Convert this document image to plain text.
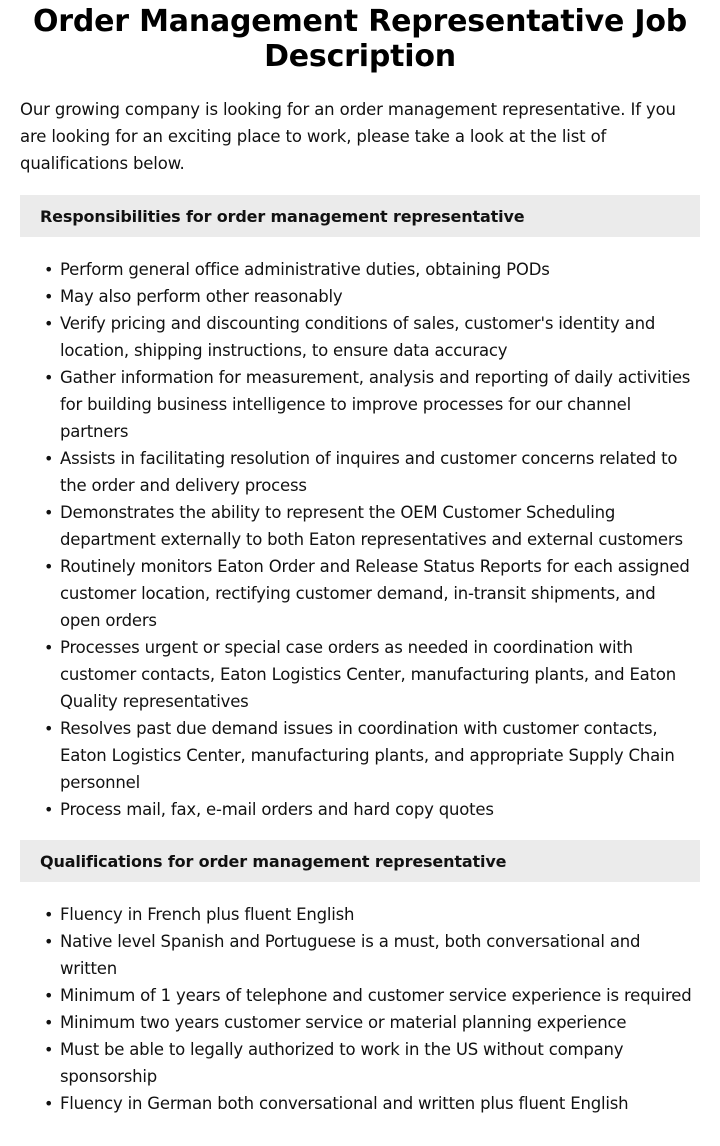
Order Management Representative Job Description

Our growing company is looking for an order management representative. If you are looking for an exciting place to work, please take a look at the list of qualifications below.

Responsibilities for order management representative
• Perform general office administrative duties, obtaining PODs
• May also perform other reasonably
• Verify pricing and discounting conditions of sales, customer's identity and location, shipping instructions, to ensure data accuracy
• Gather information for measurement, analysis and reporting of daily activities for building business intelligence to improve processes for our channel partners
• Assists in facilitating resolution of inquires and customer concerns related to the order and delivery process
• Demonstrates the ability to represent the OEM Customer Scheduling department externally to both Eaton representatives and external customers
• Routinely monitors Eaton Order and Release Status Reports for each assigned customer location, rectifying customer demand, in-transit shipments, and open orders
• Processes urgent or special case orders as needed in coordination with customer contacts, Eaton Logistics Center, manufacturing plants, and Eaton Quality representatives
• Resolves past due demand issues in coordination with customer contacts, Eaton Logistics Center, manufacturing plants, and appropriate Supply Chain personnel
• Process mail, fax, e-mail orders and hard copy quotes
Qualifications for order management representative
• Fluency in French plus fluent English
• Native level Spanish and Portuguese is a must, both conversational and written
• Minimum of 1 years of telephone and customer service experience is required
• Minimum two years customer service or material planning experience
• Must be able to legally authorized to work in the US without company sponsorship
• Fluency in German both conversational and written plus fluent English
